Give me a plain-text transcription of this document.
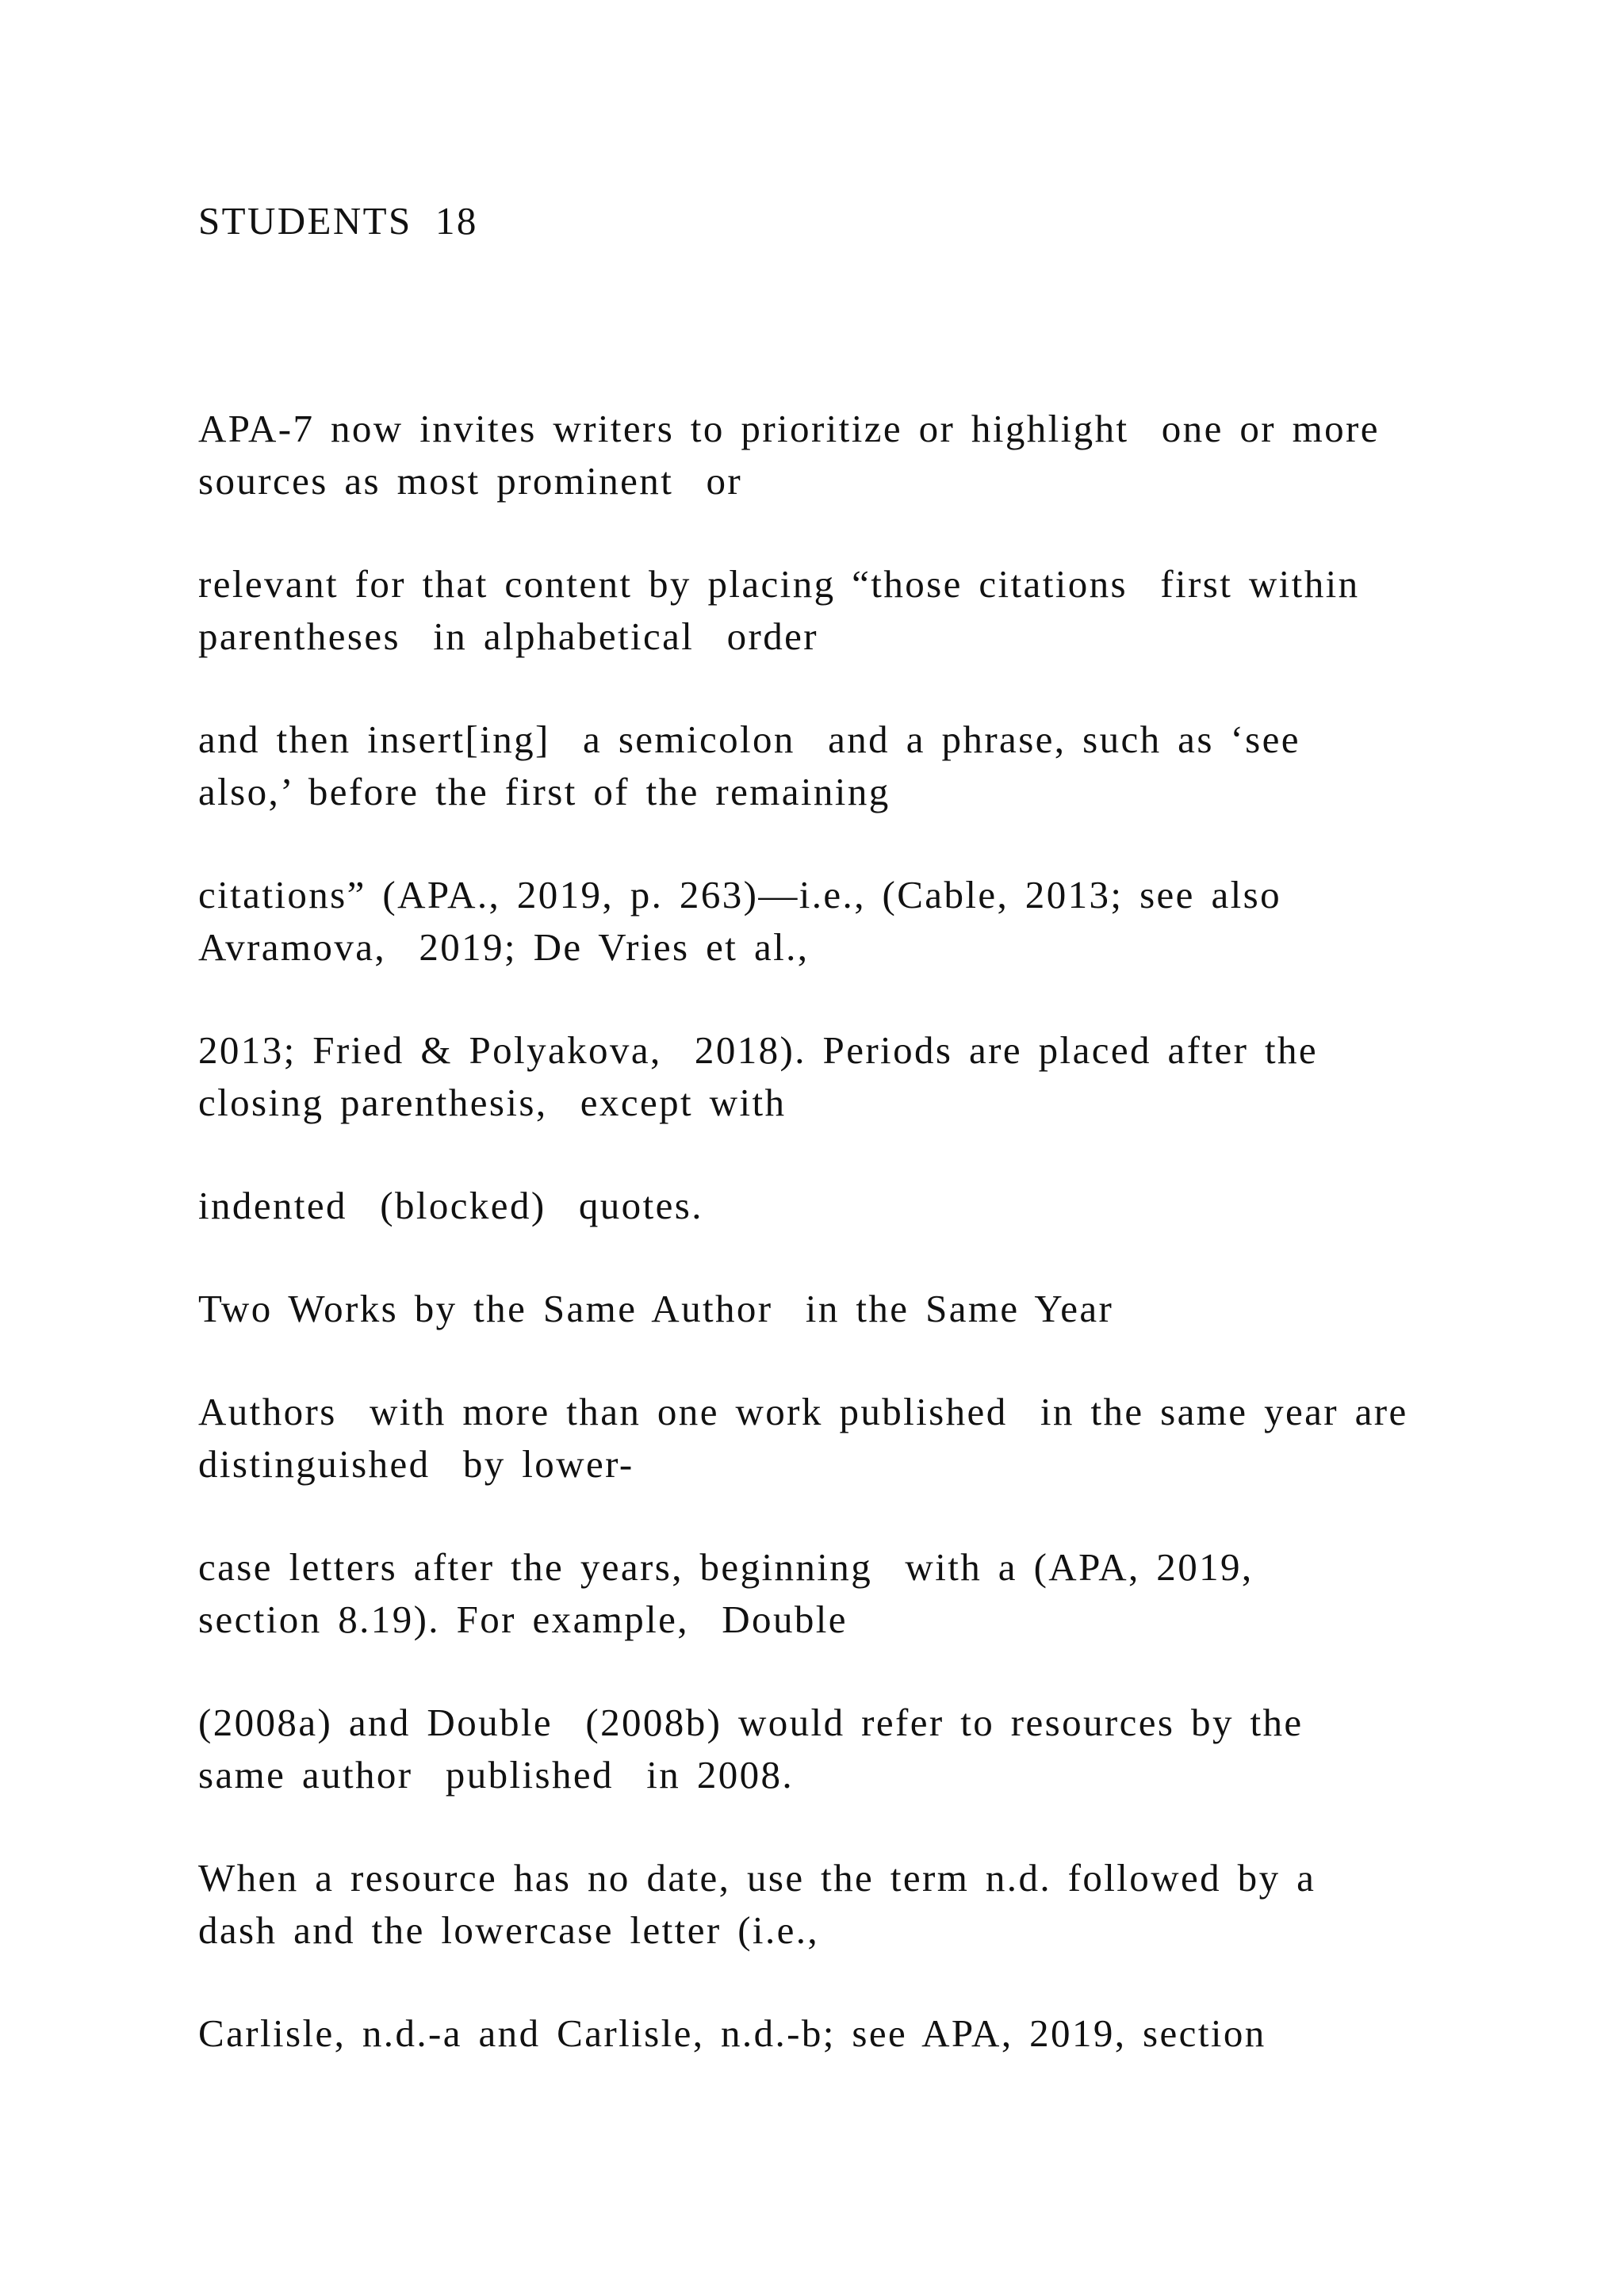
STUDENTS  18

APA-7 now invites writers to prioritize or highlight  one or more
sources as most prominent  or

relevant for that content by placing “those citations  first within
parentheses  in alphabetical  order

and then insert[ing]  a semicolon  and a phrase, such as ‘see
also,’ before the first of the remaining

citations” (APA., 2019, p. 263)—i.e., (Cable, 2013; see also
Avramova,  2019; De Vries et al.,

2013; Fried & Polyakova,  2018). Periods are placed after the
closing parenthesis,  except with

indented  (blocked)  quotes.

Two Works by the Same Author  in the Same Year

Authors  with more than one work published  in the same year are
distinguished  by lower-

case letters after the years, beginning  with a (APA, 2019,
section 8.19). For example,  Double

(2008a) and Double  (2008b) would refer to resources by the
same author  published  in 2008.

When a resource has no date, use the term n.d. followed by a
dash and the lowercase letter (i.e.,

Carlisle, n.d.-a and Carlisle, n.d.-b; see APA, 2019, section
